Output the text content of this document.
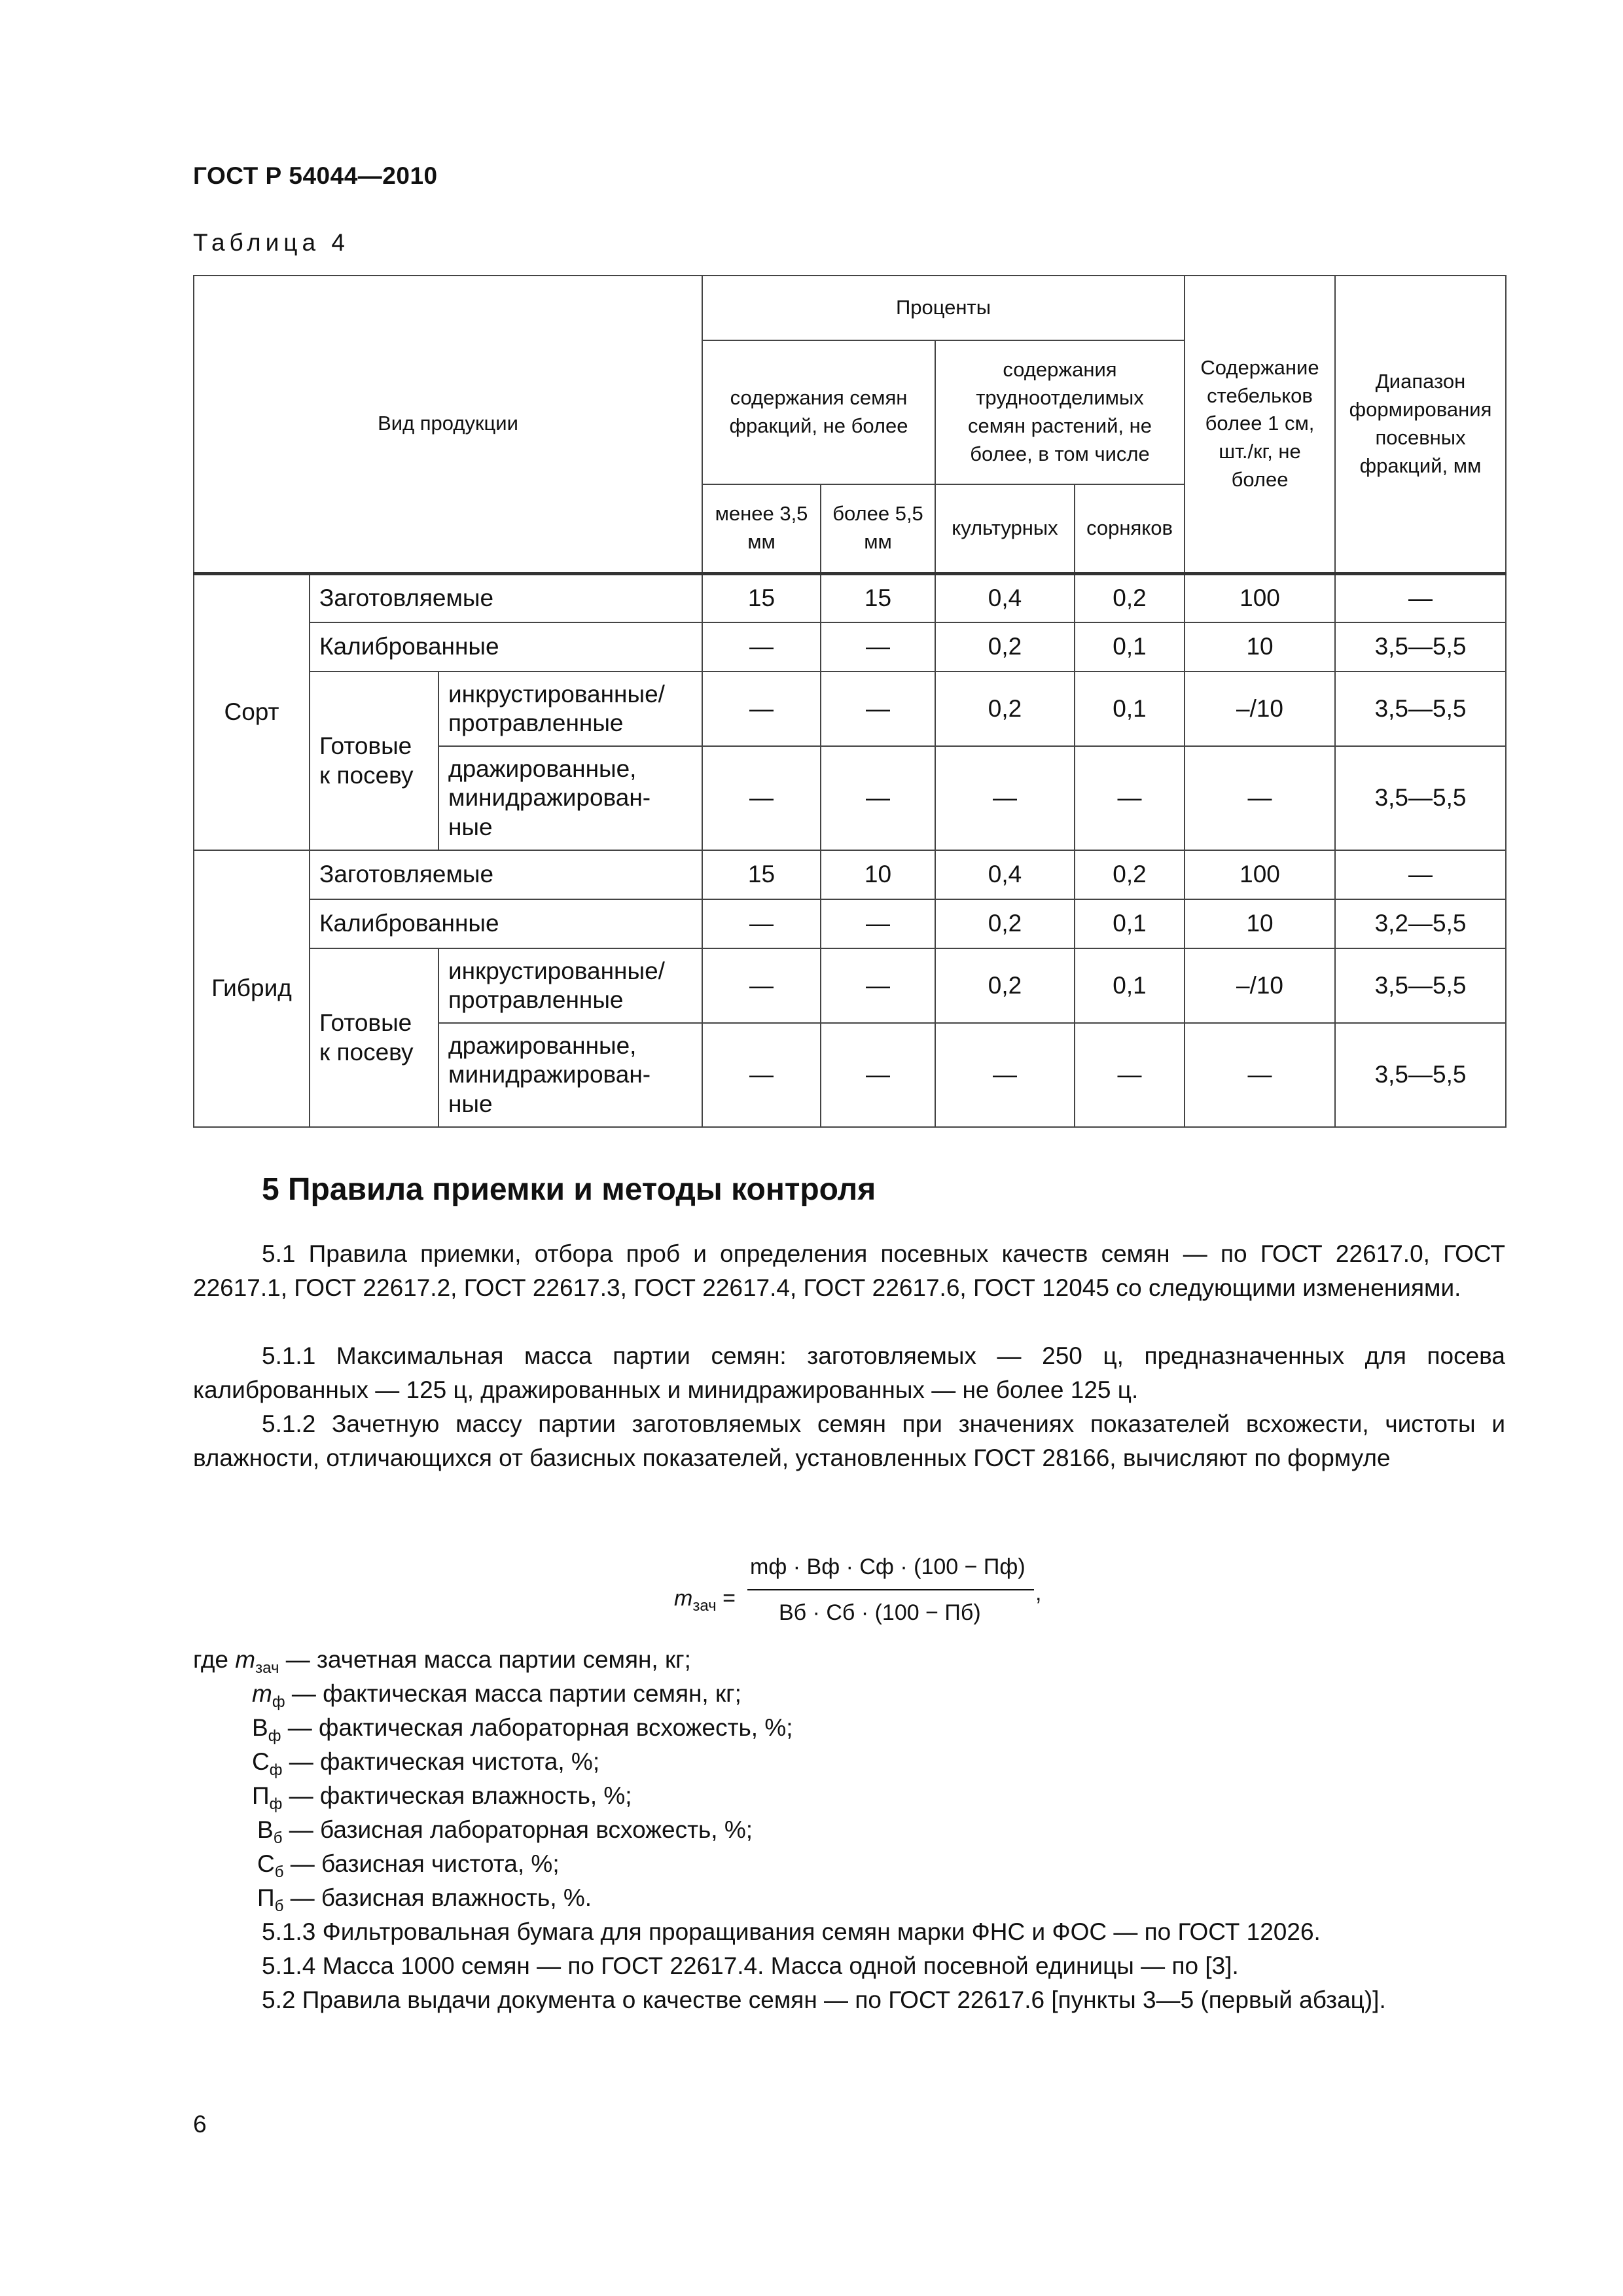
ГОСТ Р 54044—2010
Таблица 4
Вид продукции			Проценты				Содержание стебельков более 1 см, шт./кг, не более	Диапазон формирования посевных фракций, мм
			содержания семян фракций, не более		содержания трудноотделимых семян растений, не более, в том числе			
			менее 3,5 мм	более 5,5 мм	культурных	сорняков		
Сорт	Заготовляемые		15	15	0,4	0,2	100	—
	Калиброванные		—	—	0,2	0,1	10	3,5—5,5
	Готовые к посеву	инкрустированные/ протравленные	—	—	0,2	0,1	–/10	3,5—5,5
		дражированные, минидражирован-ные	—	—	—	—	—	3,5—5,5
Гибрид	Заготовляемые		15	10	0,4	0,2	100	—
	Калиброванные		—	—	0,2	0,1	10	3,2—5,5
	Готовые к посеву	инкрустированные/ протравленные	—	—	0,2	0,1	–/10	3,5—5,5
		дражированные, минидражирован-ные	—	—	—	—	—	3,5—5,5
5 Правила приемки и методы контроля

5.1 Правила приемки, отбора проб и определения посевных качеств семян — по ГОСТ 22617.0, ГОСТ 22617.1, ГОСТ 22617.2, ГОСТ 22617.3, ГОСТ 22617.4, ГОСТ 22617.6, ГОСТ 12045 со следующими изменениями.

5.1.1 Максимальная масса партии семян: заготовляемых — 250 ц, предназначенных для посева калиброванных — 125 ц, дражированных и минидражированных — не более 125 ц.

5.1.2 Зачетную массу партии заготовляемых семян при значениях показателей всхожести, чистоты и влажности, отличающихся от базисных показателей, установленных ГОСТ 28166, вычисляют по формуле

$m_{зач}$ =
mф · Вф · Сф · (100 − Пф)
Вб · Сб · (100 − Пб)
,
где $m_{зач}$ — зачетная масса партии семян, кг;
$m_ф$ — фактическая масса партии семян, кг;
$В_ф$ — фактическая лабораторная всхожесть, %;
$С_ф$ — фактическая чистота, %;
$П_ф$ — фактическая влажность, %;
$В_б$ — базисная лабораторная всхожесть, %;
$С_б$ — базисная чистота, %;
$П_б$ — базисная влажность, %.

5.1.3 Фильтровальная бумага для проращивания семян марки ФНС и ФОС — по ГОСТ 12026.

5.1.4 Масса 1000 семян — по ГОСТ 22617.4. Масса одной посевной единицы — по [3].

5.2 Правила выдачи документа о качестве семян — по ГОСТ 22617.6 [пункты 3—5 (первый абзац)].

6
